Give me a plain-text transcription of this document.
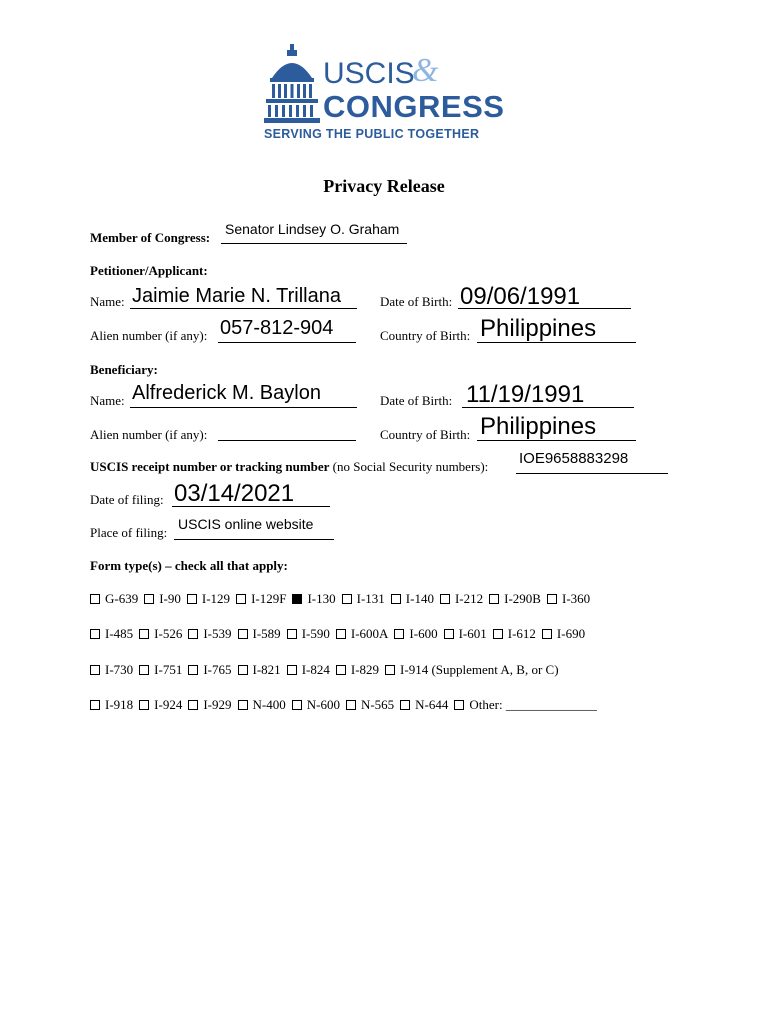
USCIS
&
CONGRESS
SERVING THE PUBLIC TOGETHER
Privacy Release
Member of Congress:
Senator Lindsey O. Graham
Petitioner/Applicant:
Name: Jaimie Marie N. Trillana	Date of Birth: 09/06/1991
Alien number (if any): 057-812-904	Country of Birth: Philippines
Beneficiary:
Name: Alfrederick M. Baylon	Date of Birth: 11/19/1991
Alien number (if any):	Country of Birth: Philippines
USCIS receipt number or tracking number (no Social Security numbers): IOE9658883298
Date of filing: 03/14/2021
Place of filing:
USCIS online website
Form type(s) – check all that apply:
G-639 I-90 I-129 I-129F I-130 I-131 I-140 I-212 I-290B I-360
I-485 I-526 I-539 I-589 I-590 I-600A I-600 I-601 I-612 I-690
I-730 I-751 I-765 I-821 I-824 I-829 I-914 (Supplement A, B, or C)
I-918 I-924 I-929 N-400 N-600 N-565 N-644 Other: ______________
